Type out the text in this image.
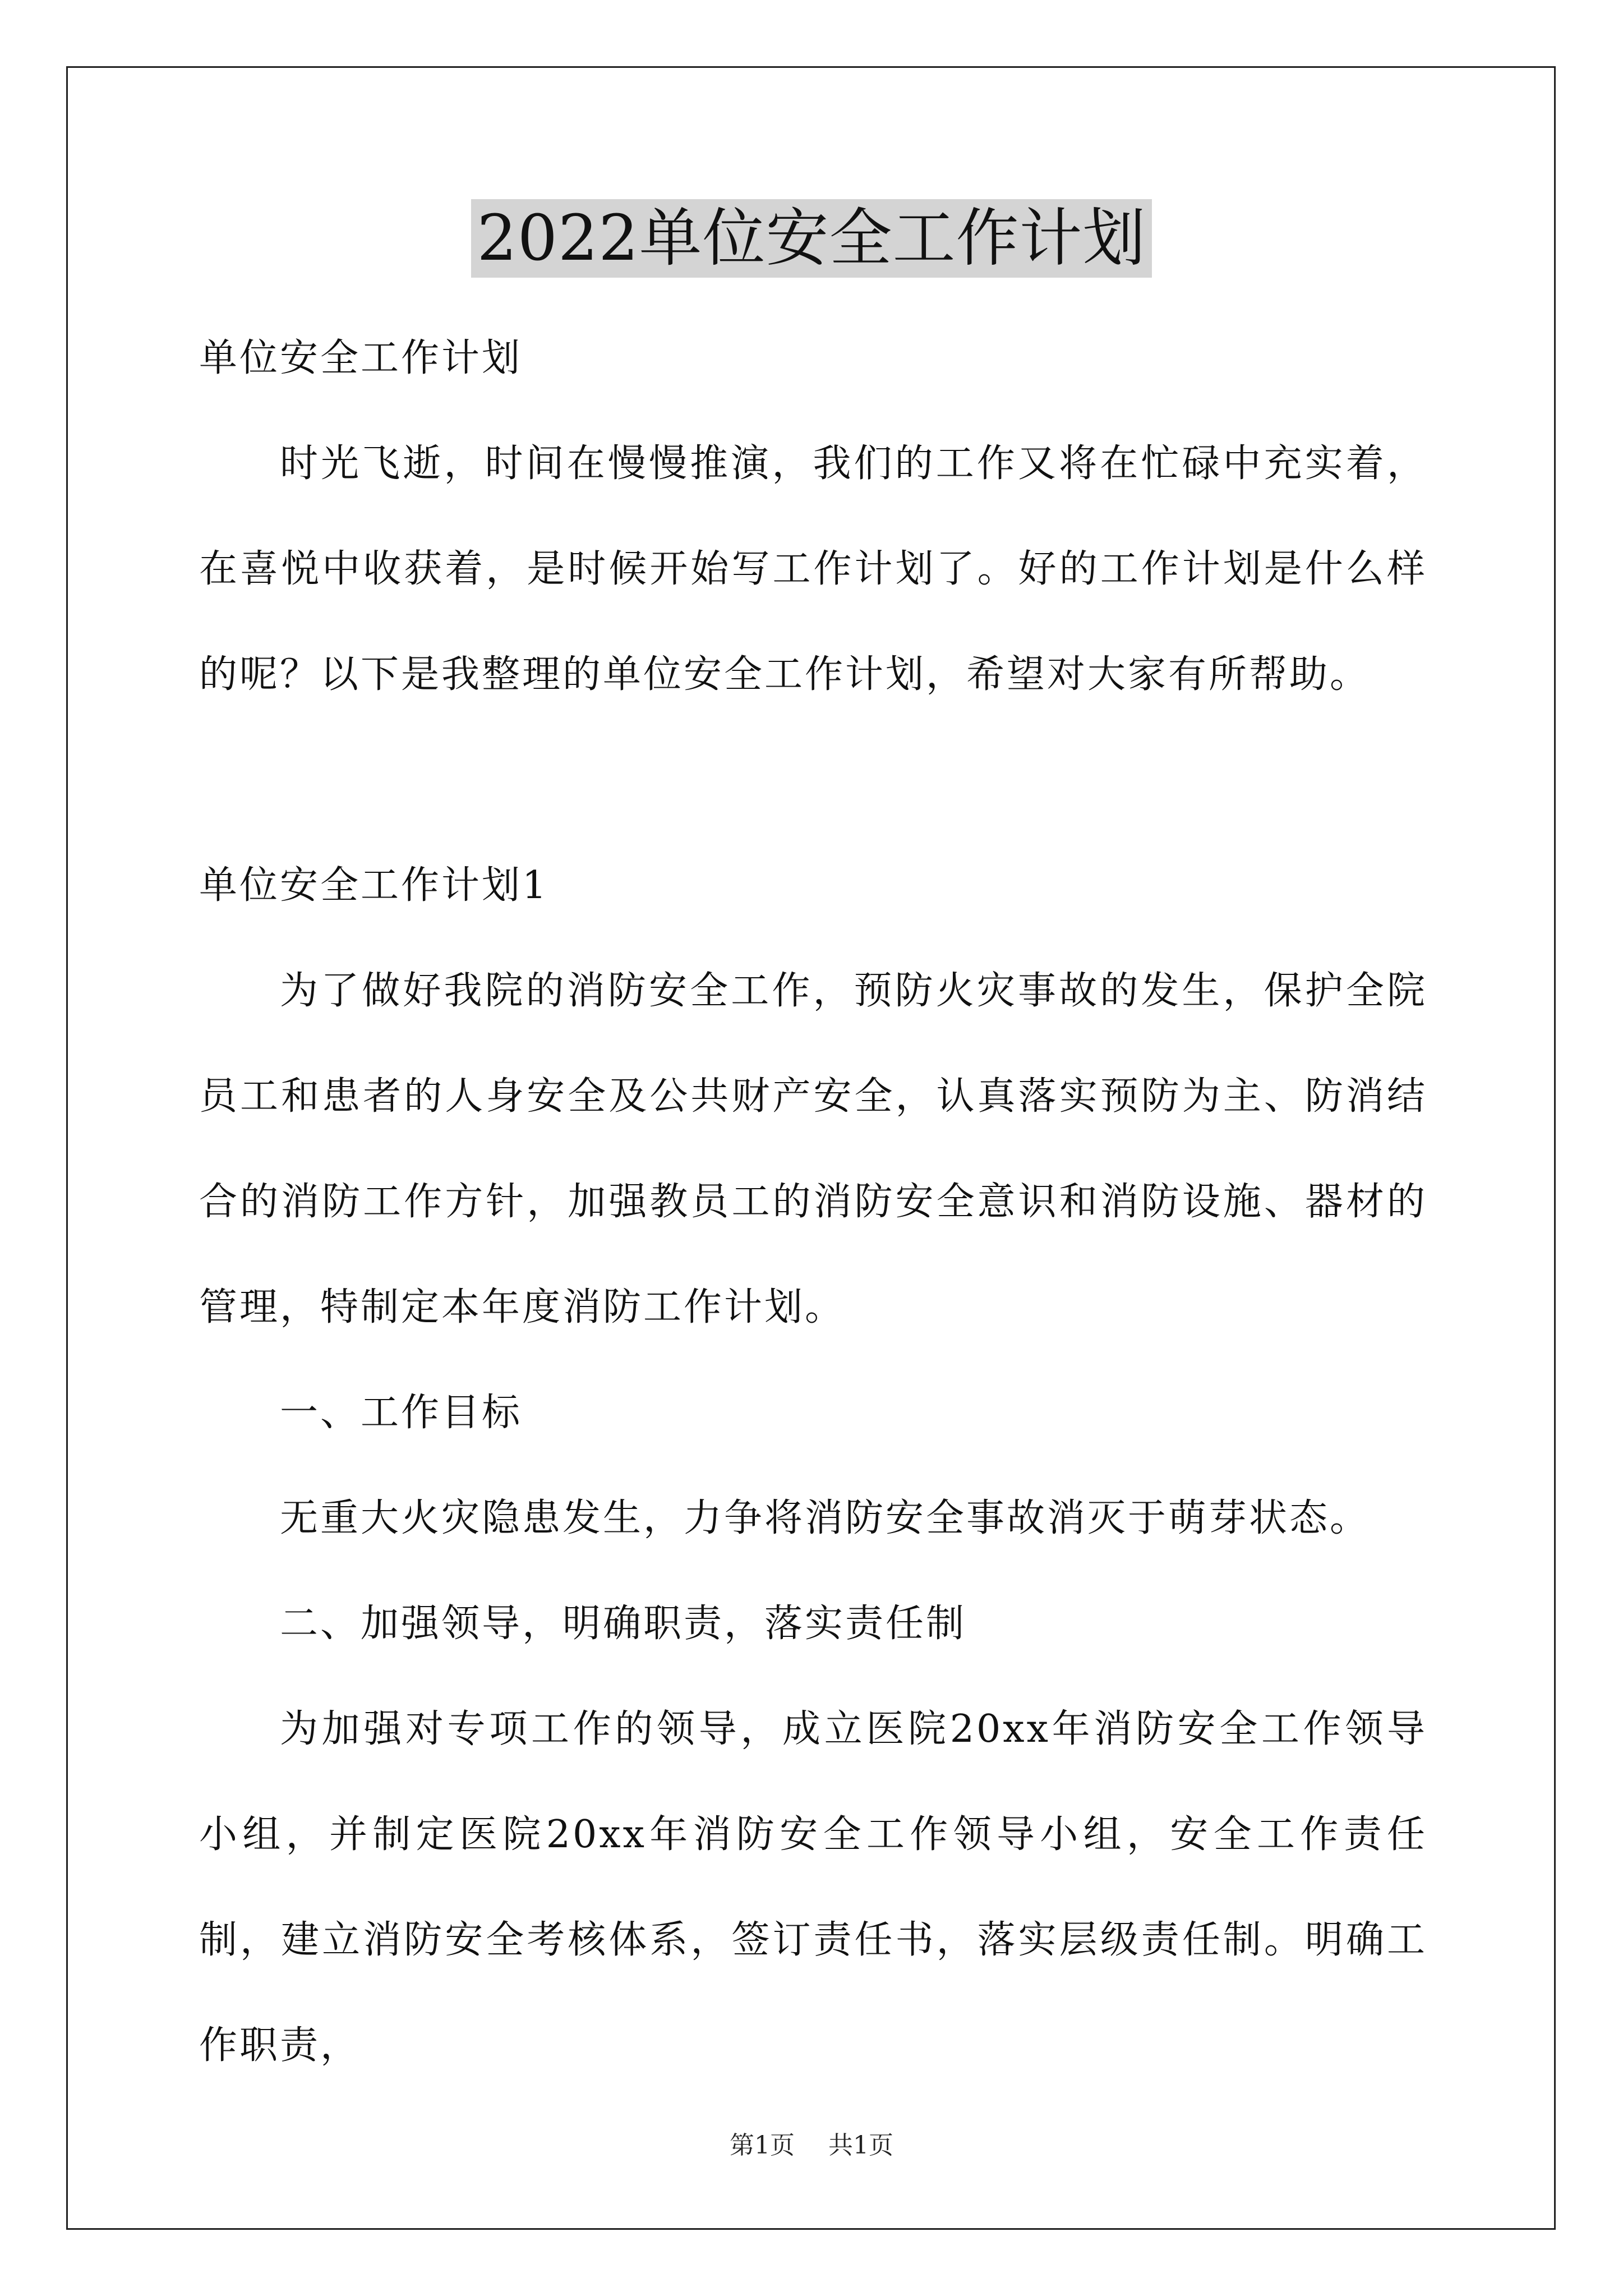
2022单位安全工作计划

单位安全工作计划

时光飞逝，时间在慢慢推演，我们的工作又将在忙碌中充实着，在喜悦中收获着，是时候开始写工作计划了。好的工作计划是什么样的呢？以下是我整理的单位安全工作计划，希望对大家有所帮助。

单位安全工作计划1

为了做好我院的消防安全工作，预防火灾事故的发生，保护全院员工和患者的人身安全及公共财产安全，认真落实预防为主、防消结合的消防工作方针，加强教员工的消防安全意识和消防设施、器材的管理，特制定本年度消防工作计划。

一、工作目标

无重大火灾隐患发生，力争将消防安全事故消灭于萌芽状态。

二、加强领导，明确职责，落实责任制

为加强对专项工作的领导，成立医院20xx年消防安全工作领导小组，并制定医院20xx年消防安全工作领导小组，安全工作责任制，建立消防安全考核体系，签订责任书，落实层级责任制。明确工作职责，

第1页 共1页
